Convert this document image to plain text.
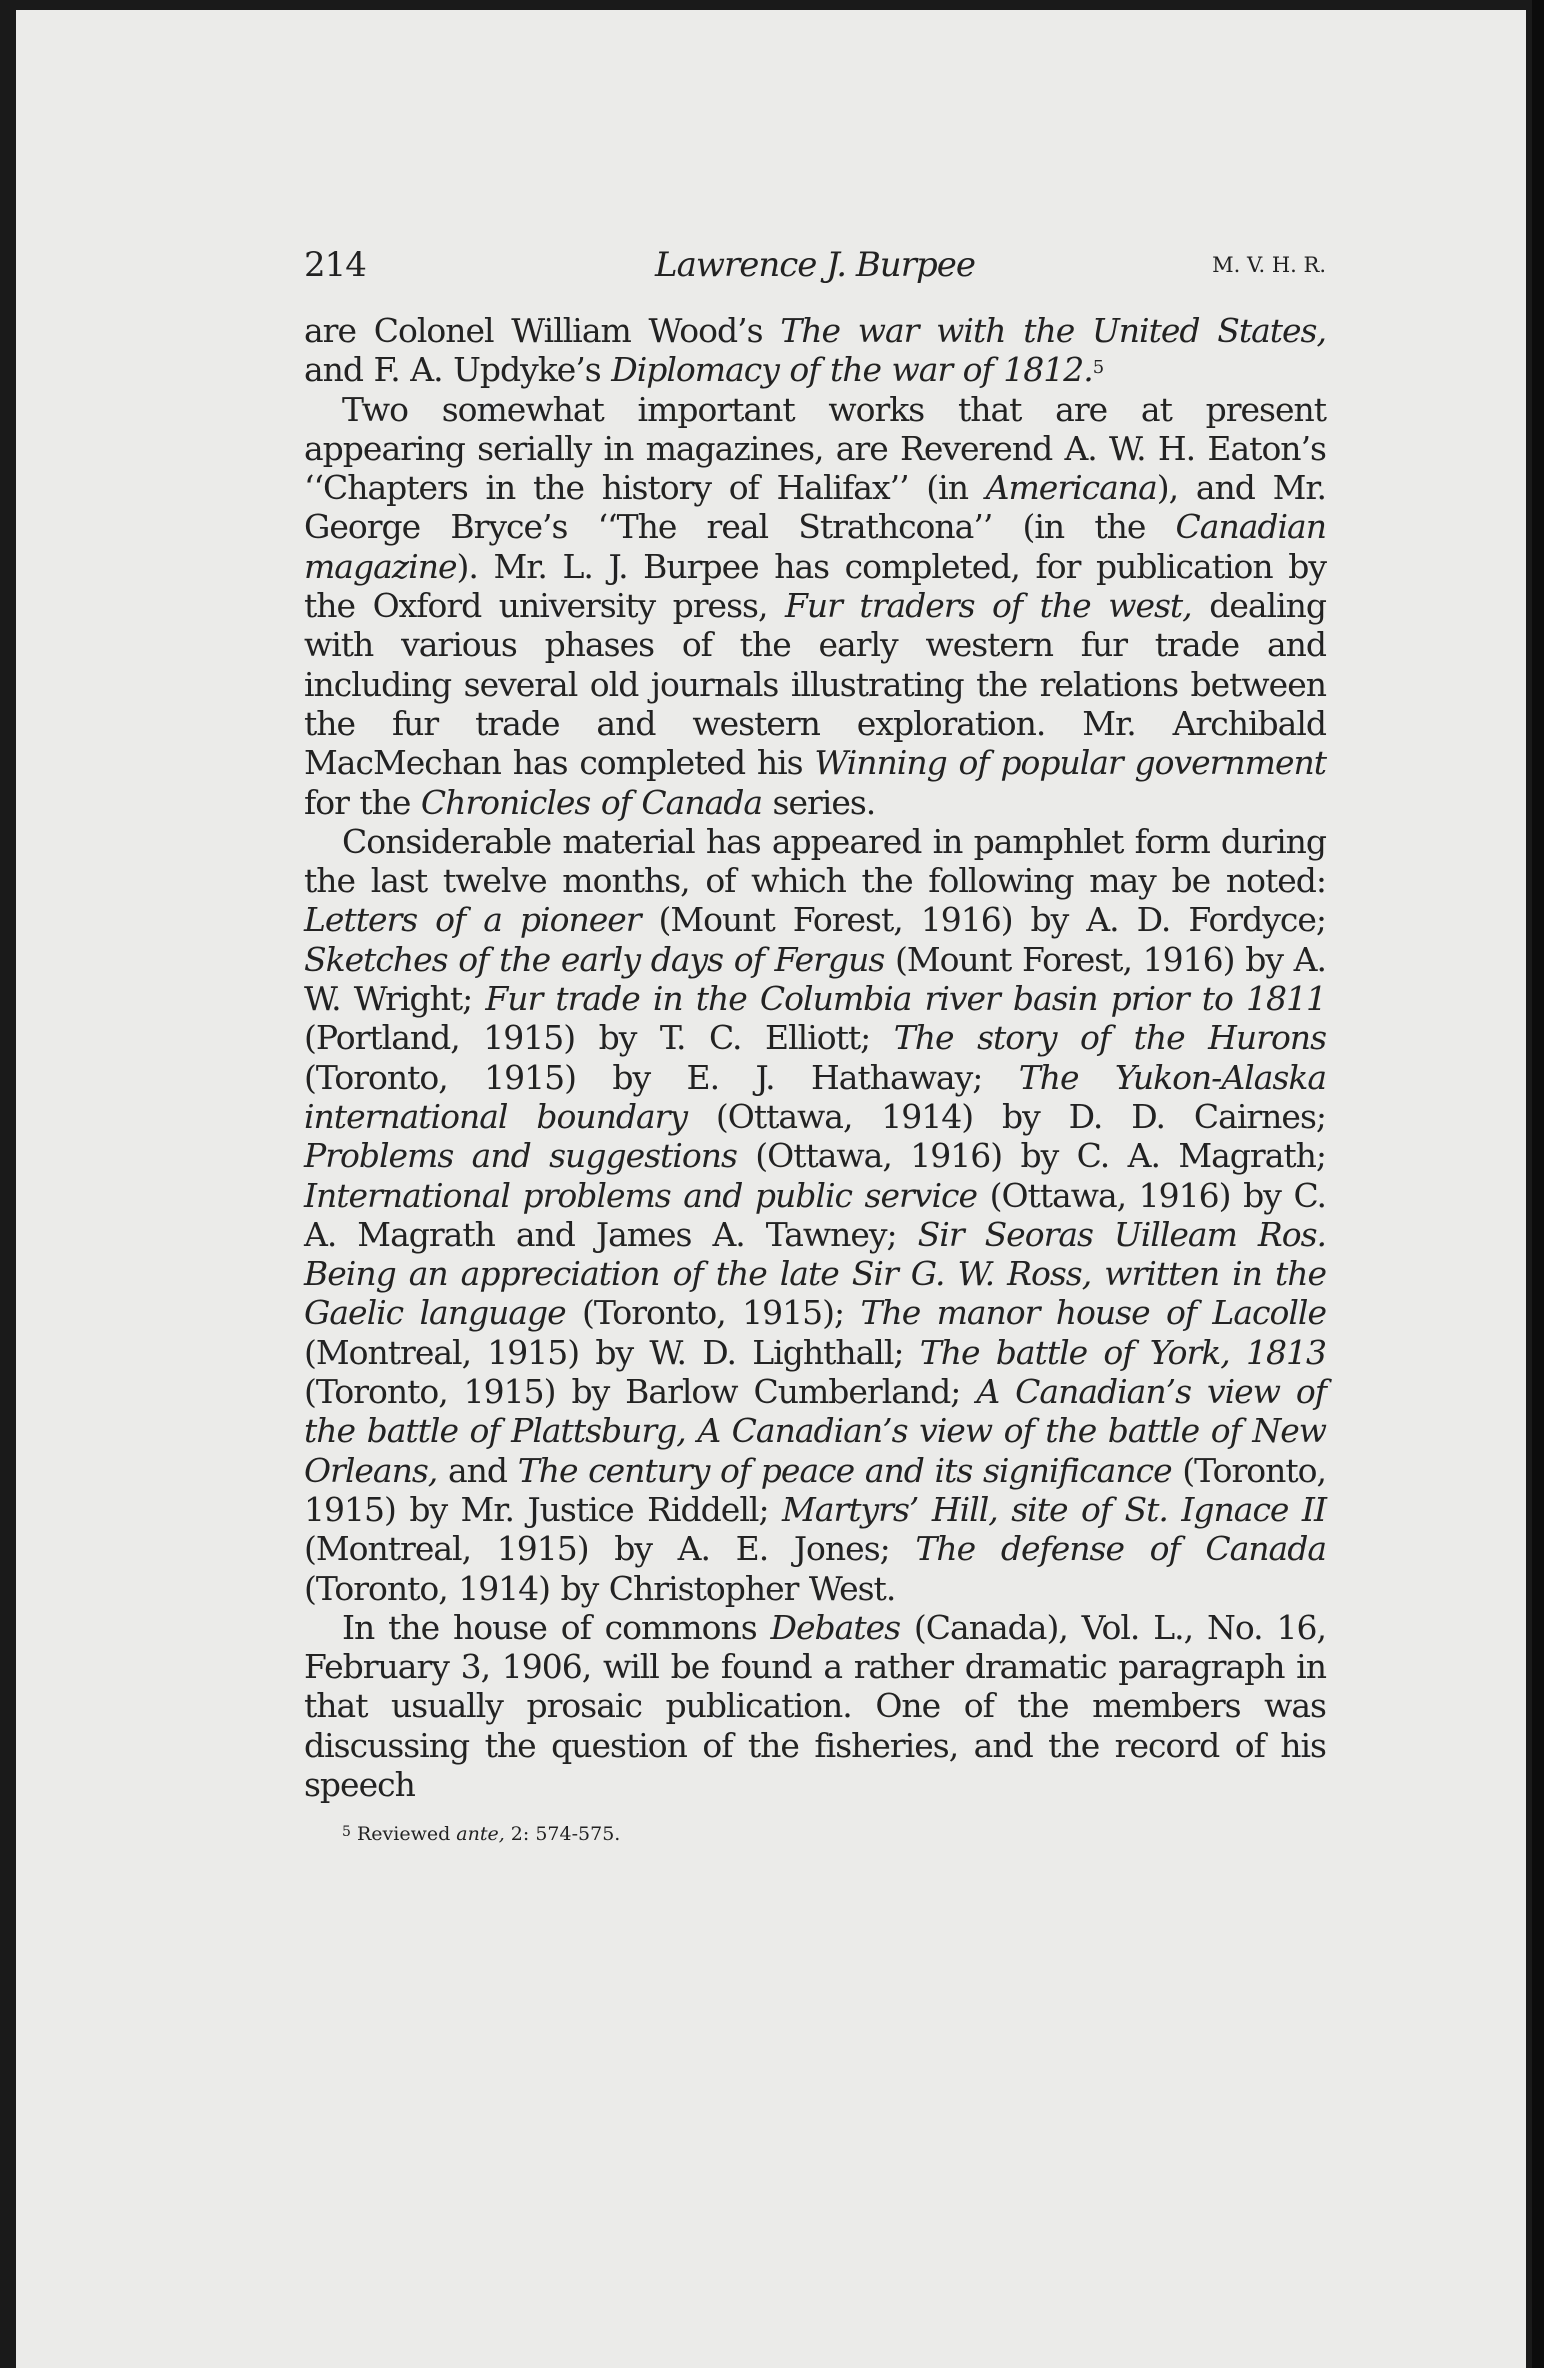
214	Lawrence J. Burpee	M. V. H. R.

are Colonel William Wood’s The war with the United States, and F. A. Updyke’s Diplomacy of the war of 1812.$^5$

Two somewhat important works that are at present appearing serially in magazines, are Reverend A. W. H. Eaton’s ‘‘Chapters in the history of Halifax’’ (in Americana), and Mr. George Bryce’s ‘‘The real Strathcona’’ (in the Canadian magazine). Mr. L. J. Burpee has completed, for publication by the Oxford university press, Fur traders of the west, dealing with various phases of the early western fur trade and including several old journals illustrating the relations between the fur trade and western exploration. Mr. Archibald MacMechan has completed his Winning of popular government for the Chronicles of Canada series.

Considerable material has appeared in pamphlet form during the last twelve months, of which the following may be noted: Letters of a pioneer (Mount Forest, 1916) by A. D. Fordyce; Sketches of the early days of Fergus (Mount Forest, 1916) by A. W. Wright; Fur trade in the Columbia river basin prior to 1811 (Portland, 1915) by T. C. Elliott; The story of the Hurons (Toronto, 1915) by E. J. Hathaway; The Yukon-Alaska international boundary (Ottawa, 1914) by D. D. Cairnes; Problems and suggestions (Ottawa, 1916) by C. A. Magrath; International problems and public service (Ottawa, 1916) by C. A. Magrath and James A. Tawney; Sir Seoras Uilleam Ros. Being an appreciation of the late Sir G. W. Ross, written in the Gaelic language (Toronto, 1915); The manor house of Lacolle (Montreal, 1915) by W. D. Lighthall; The battle of York, 1813 (Toronto, 1915) by Barlow Cumberland; A Canadian’s view of the battle of Plattsburg, A Canadian’s view of the battle of New Orleans, and The century of peace and its significance (Toronto, 1915) by Mr. Justice Riddell; Martyrs’ Hill, site of St. Ignace II (Montreal, 1915) by A. E. Jones; The defense of Canada (Toronto, 1914) by Christopher West.

In the house of commons Debates (Canada), Vol. L., No. 16, February 3, 1906, will be found a rather dramatic paragraph in that usually prosaic publication. One of the members was discussing the question of the fisheries, and the record of his speech

$^5$ Reviewed ante, 2: 574-575.
